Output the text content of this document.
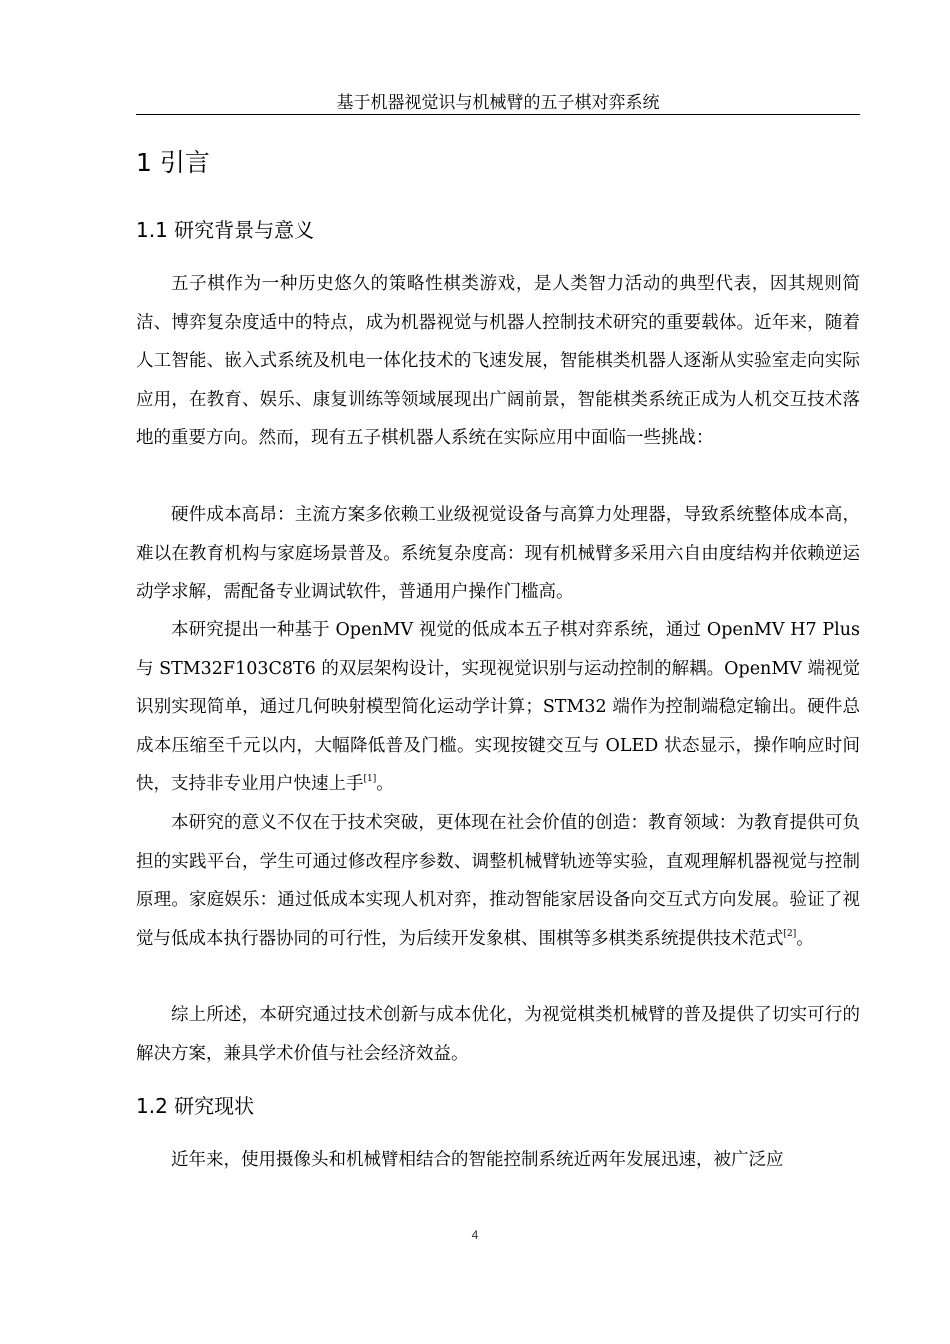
基于机器视觉识与机械臂的五子棋对弈系统
1 引言
1.1 研究背景与意义
五子棋作为一种历史悠久的策略性棋类游戏，是人类智力活动的典型代表，因其规则简洁、博弈复杂度适中的特点，成为机器视觉与机器人控制技术研究的重要载体。近年来，随着人工智能、嵌入式系统及机电一体化技术的飞速发展，智能棋类机器人逐渐从实验室走向实际应用，在教育、娱乐、康复训练等领域展现出广阔前景，智能棋类系统正成为人机交互技术落地的重要方向。然而，现有五子棋机器人系统在实际应用中面临一些挑战：
硬件成本高昂：主流方案多依赖工业级视觉设备与高算力处理器，导致系统整体成本高，难以在教育机构与家庭场景普及。系统复杂度高：现有机械臂多采用六自由度结构并依赖逆运动学求解，需配备专业调试软件，普通用户操作门槛高。
本研究提出一种基于 OpenMV 视觉的低成本五子棋对弈系统，通过 OpenMV H7 Plus 与 STM32F103C8T6 的双层架构设计，实现视觉识别与运动控制的解耦。OpenMV 端视觉识别实现简单，通过几何映射模型简化运动学计算；STM32 端作为控制端稳定输出。硬件总成本压缩至千元以内，大幅降低普及门槛。实现按键交互与 OLED 状态显示，操作响应时间快，支持非专业用户快速上手[1]。
本研究的意义不仅在于技术突破，更体现在社会价值的创造：教育领域：为教育提供可负担的实践平台，学生可通过修改程序参数、调整机械臂轨迹等实验，直观理解机器视觉与控制原理。家庭娱乐：通过低成本实现人机对弈，推动智能家居设备向交互式方向发展。验证了视觉与低成本执行器协同的可行性，为后续开发象棋、围棋等多棋类系统提供技术范式[2]。
综上所述，本研究通过技术创新与成本优化，为视觉棋类机械臂的普及提供了切实可行的解决方案，兼具学术价值与社会经济效益。
1.2 研究现状
近年来，使用摄像头和机械臂相结合的智能控制系统近两年发展迅速，被广泛应
4
